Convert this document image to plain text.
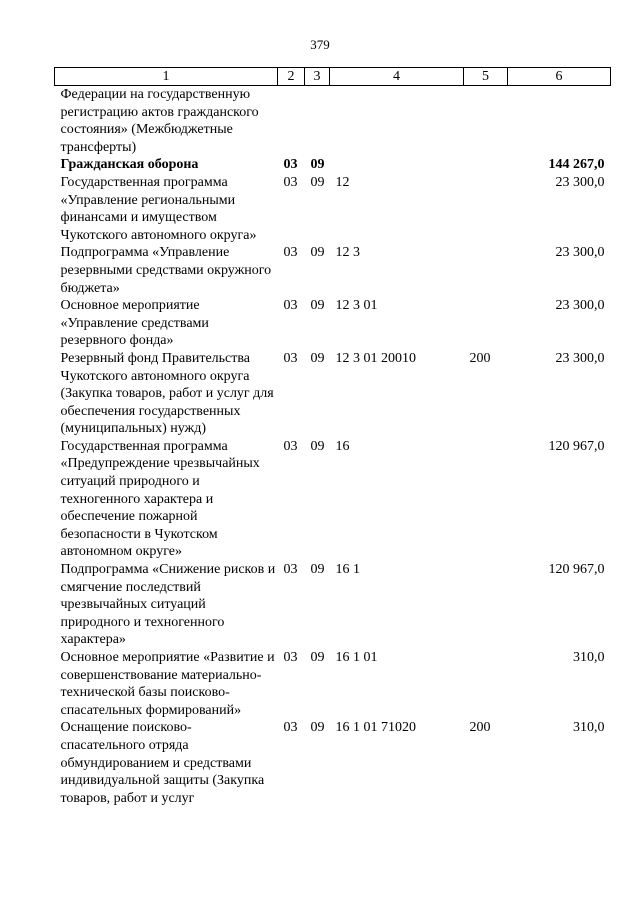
379
1	2	3	4	5	6
Федерации на государственную регистрацию актов гражданского состояния» (Межбюджетные трансферты)					
Гражданская оборона	03	09			144 267,0
Государственная программа «Управление региональными финансами и имуществом Чукотского автономного округа»	03	09	12		23 300,0
Подпрограмма «Управление резервными средствами окружного бюджета»	03	09	12 3		23 300,0
Основное мероприятие «Управление средствами резервного фонда»	03	09	12 3 01		23 300,0
Резервный фонд Правительства Чукотского автономного округа (Закупка товаров, работ и услуг для обеспечения государственных (муниципальных) нужд)	03	09	12 3 01 20010	200	23 300,0
Государственная программа «Предупреждение чрезвычайных ситуаций природного и техногенного характера и обеспечение пожарной безопасности в Чукотском автономном округе»	03	09	16		120 967,0
Подпрограмма «Снижение рисков и смягчение последствий чрезвычайных ситуаций природного и техногенного характера»	03	09	16 1		120 967,0
Основное мероприятие «Развитие и совершенствование материально-технической базы поисково-спасательных формирований»	03	09	16 1 01		310,0
Оснащение поисково-спасательного отряда обмундированием и средствами индивидуальной защиты (Закупка товаров, работ и услуг	03	09	16 1 01 71020	200	310,0
